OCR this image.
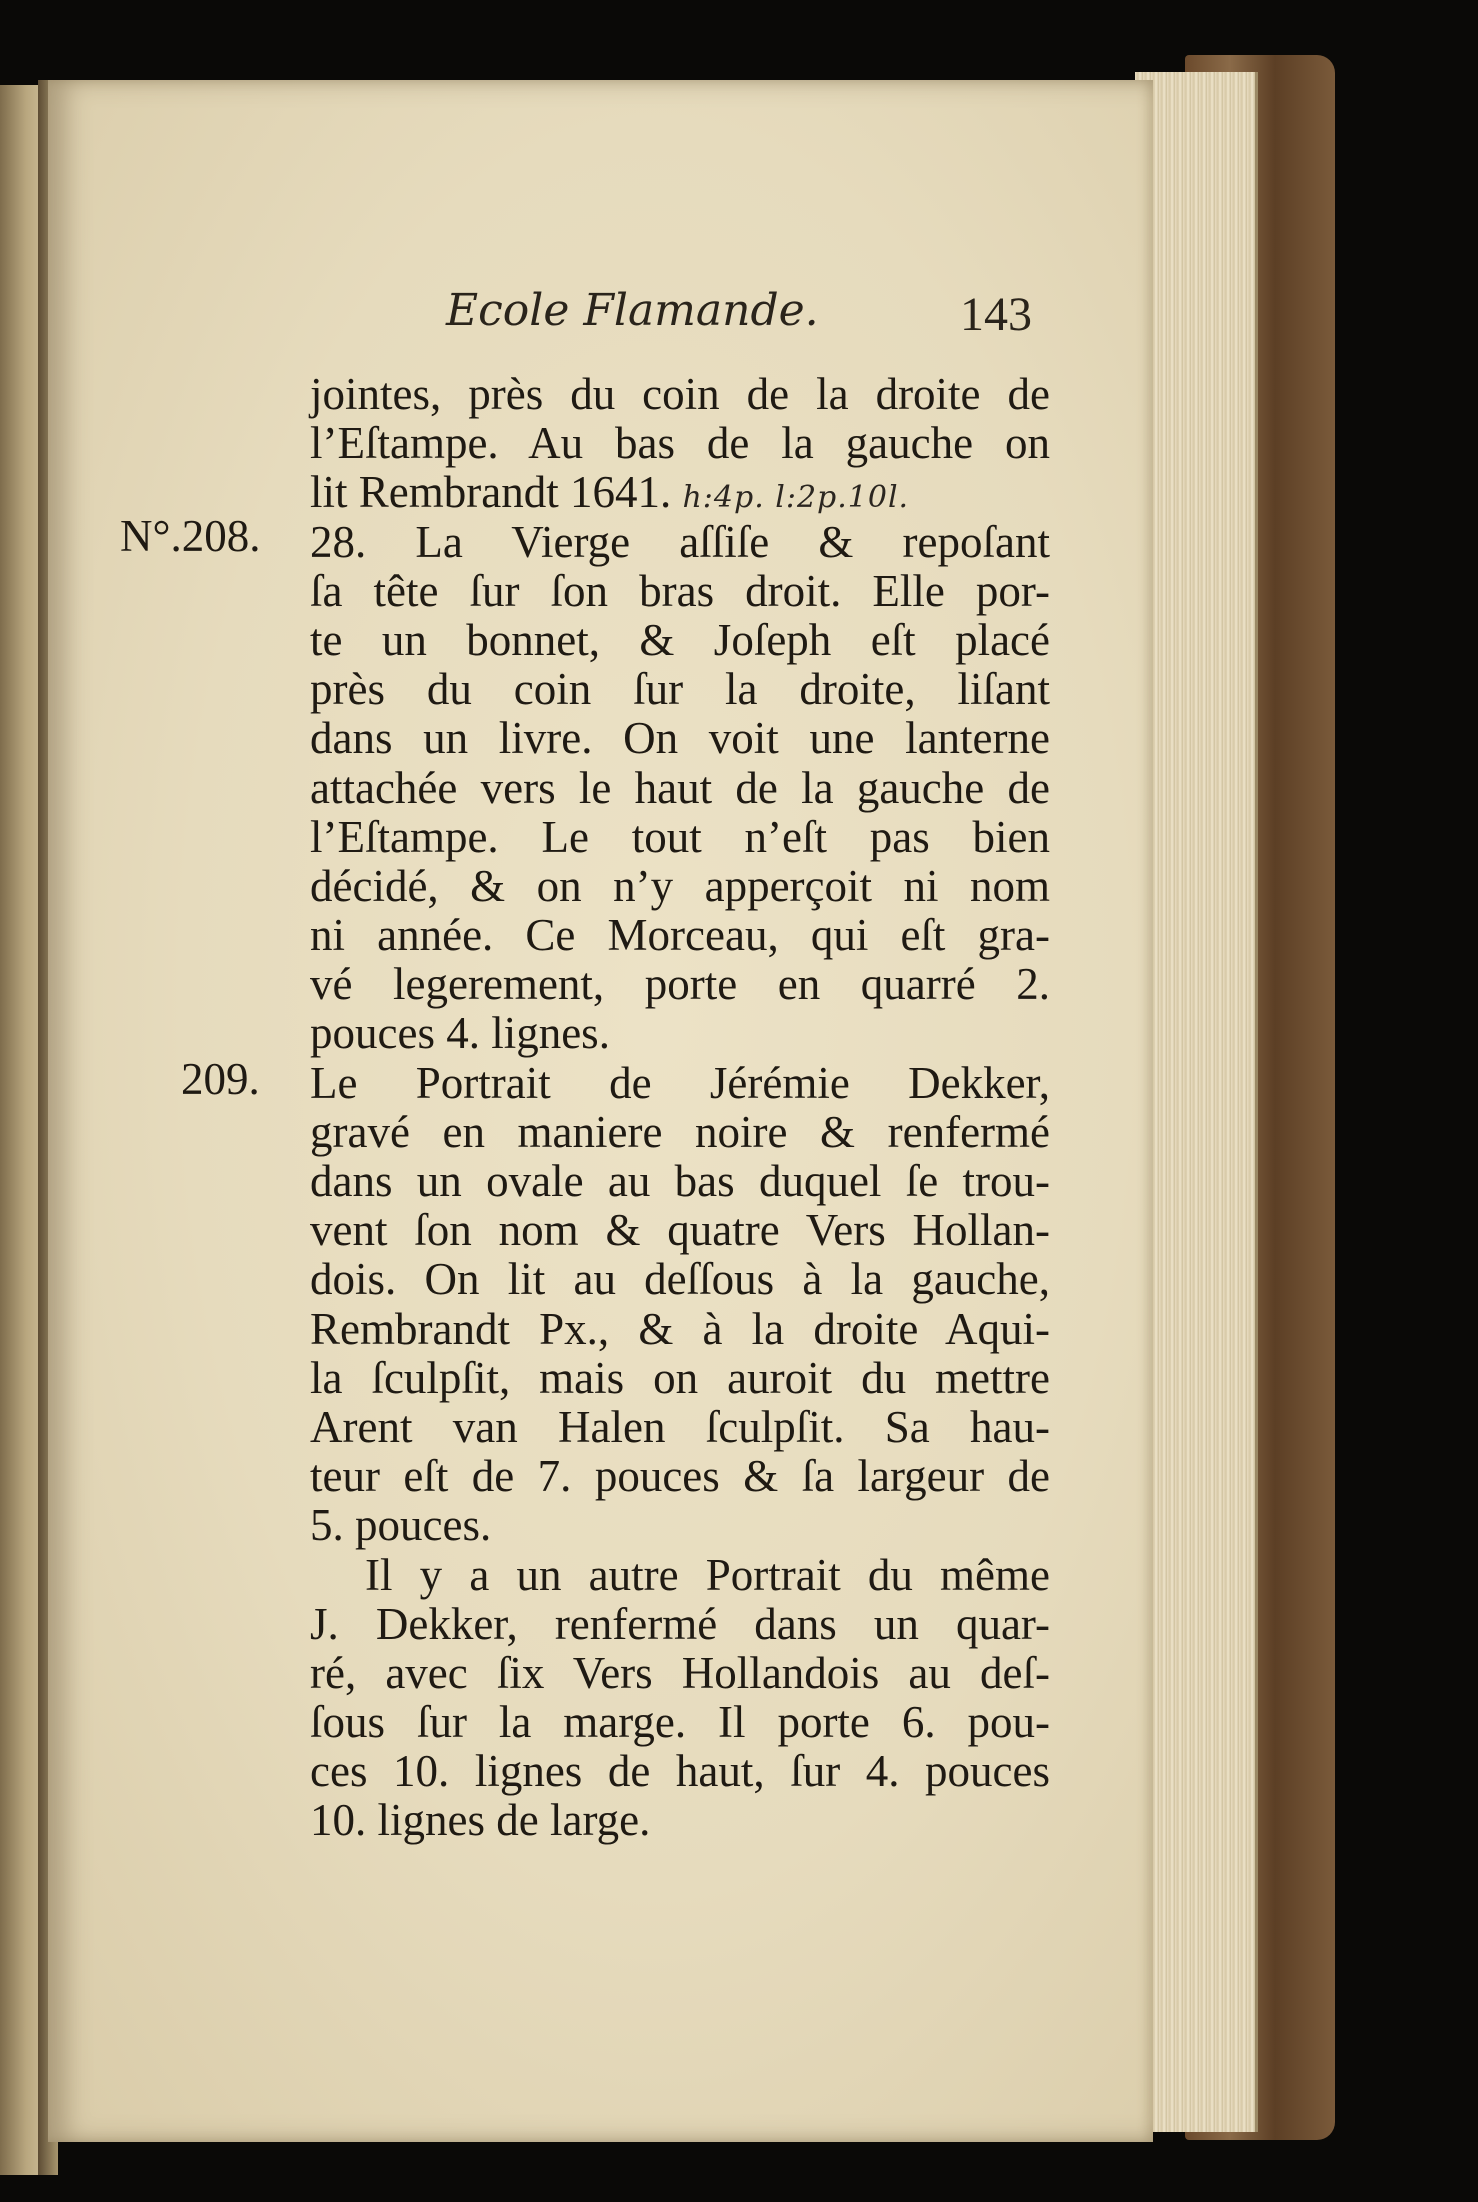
Ecole Flamande.	143
N°.208.
209.
jointes, près du coin de la droite de
l’Eſtampe. Au bas de la gauche on
lit Rembrandt 1641. h:4p. l:2p.10l.
28. La Vierge aſſiſe & repoſant
ſa tête ſur ſon bras droit. Elle por-
te un bonnet, & Joſeph eſt placé
près du coin ſur la droite, liſant
dans un livre. On voit une lanterne
attachée vers le haut de la gauche de
l’Eſtampe. Le tout n’eſt pas bien
décidé, & on n’y apperçoit ni nom
ni année. Ce Morceau, qui eſt gra-
vé legerement, porte en quarré 2.
pouces 4. lignes.
Le Portrait de Jérémie Dekker,
gravé en maniere noire & renfermé
dans un ovale au bas duquel ſe trou-
vent ſon nom & quatre Vers Hollan-
dois. On lit au deſſous à la gauche,
Rembrandt Px., & à la droite Aqui-
la ſculpſit, mais on auroit du mettre
Arent van Halen ſculpſit. Sa hau-
teur eſt de 7. pouces & ſa largeur de
5. pouces.
Il y a un autre Portrait du même
J. Dekker, renfermé dans un quar-
ré, avec ſix Vers Hollandois au deſ-
ſous ſur la marge. Il porte 6. pou-
ces 10. lignes de haut, ſur 4. pouces
10. lignes de large.
